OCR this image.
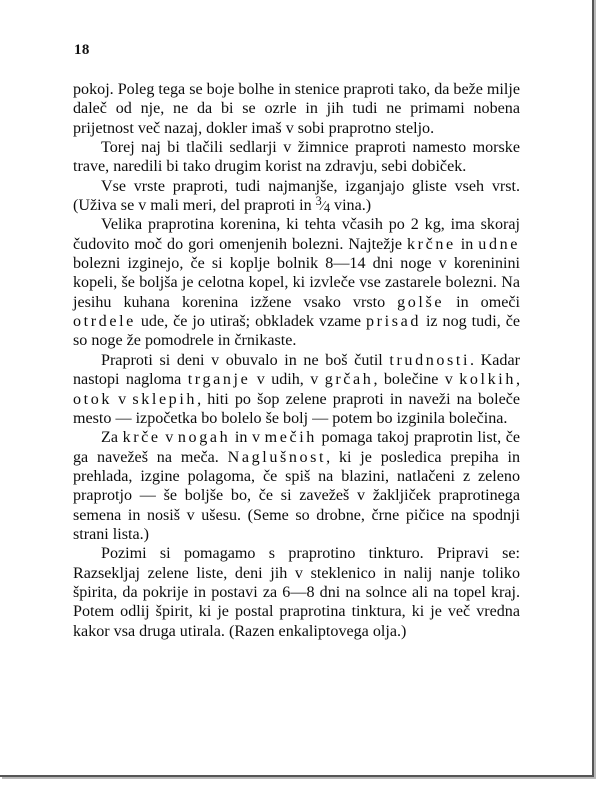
18

pokoj. Poleg tega se boje bolhe in stenice praproti tako, da beže milje daleč od nje, ne da bi se ozrle in jih tudi ne primami nobena prijetnost več nazaj, dokler imaš v sobi praprotno steljo.

Torej naj bi tlačili sedlarji v žimnice praproti namesto morske trave, naredili bi tako drugim korist na zdravju, sebi dobiček.

Vse vrste praproti, tudi najmanjše, izganjajo gliste vseh vrst. (Uživa se v mali meri, del praproti in $^3⁄_4$ vina.)

Velika praprotina korenina, ki tehta včasih po 2 kg, ima skoraj čudovito moč do gori omenjenih bolezni. Najtežje krčne in udne bolezni izginejo, če si koplje bolnik 8—14 dni noge v koreninini kopeli, še boljša je celotna kopel, ki izvleče vse zastarele bolezni. Na jesihu kuhana korenina izžene vsako vrsto golše in omeči otrdele ude, če jo utiraš; obkladek vzame prisad iz nog tudi, če so noge že pomodrele in črnikaste.

Praproti si deni v obuvalo in ne boš čutil trudnosti. Kadar nastopi nagloma trganje v udih, v grčah, bolečine v kolkih, otok v sklepih, hiti po šop zelene praproti in naveži na boleče mesto — izpočetka bo bolelo še bolj — potem bo izginila bolečina.

Za krče v nogah in v mečih pomaga takoj praprotin list, če ga navežeš na meča. Naglušnost, ki je posledica prepiha in prehlada, izgine polagoma, če spiš na blazini, natlačeni z zeleno praprotjo — še boljše bo, če si zavežeš v žakljiček praprotinega semena in nosiš v ušesu. (Seme so drobne, črne pičice na spodnji strani lista.)

Pozimi si pomagamo s praprotino tinkturo. Pripravi se: Razsekljaj zelene liste, deni jih v steklenico in nalij nanje toliko špirita, da pokrije in postavi za 6—8 dni na solnce ali na topel kraj. Potem odlij špirit, ki je postal praprotina tinktura, ki je več vredna kakor vsa druga utirala. (Razen enkaliptovega olja.)
